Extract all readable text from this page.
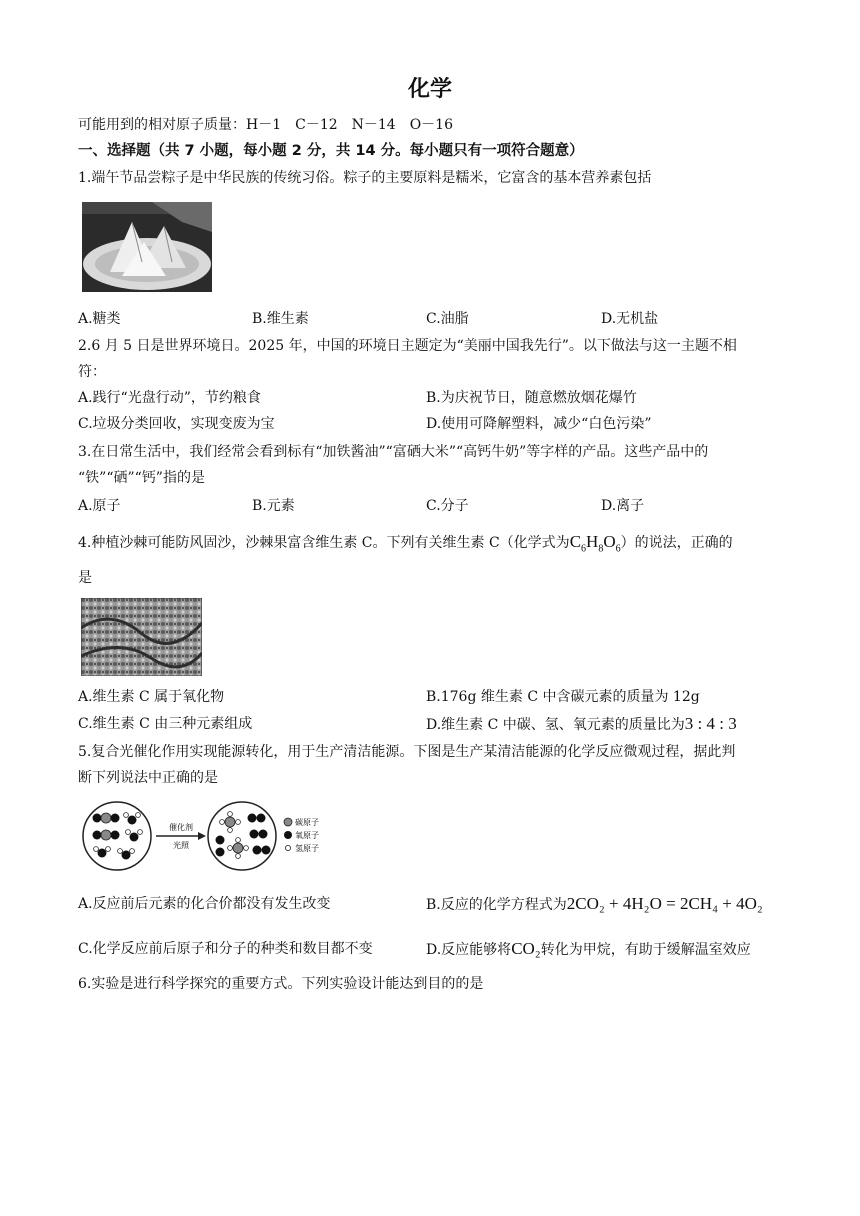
化学
可能用到的相对原子质量：H－1　C－12　N－14　O－16
一、选择题（共 7 小题，每小题 2 分，共 14 分。每小题只有一项符合题意）
1.端午节品尝粽子是中华民族的传统习俗。粽子的主要原料是糯米，它富含的基本营养素包括
A.糖类	B.维生素	C.油脂	D.无机盐
2.6 月 5 日是世界环境日。2025 年，中国的环境日主题定为“美丽中国我先行”。以下做法与这一主题不相
符：
A.践行“光盘行动”，节约粮食	B.为庆祝节日，随意燃放烟花爆竹
C.垃圾分类回收，实现变废为宝	D.使用可降解塑料，减少“白色污染”
3.在日常生活中，我们经常会看到标有“加铁酱油”“富硒大米”“高钙牛奶”等字样的产品。这些产品中的
“铁”“硒”“钙”指的是
A.原子	B.元素	C.分子	D.离子
4.种植沙棘可能防风固沙，沙棘果富含维生素 C。下列有关维生素 C（化学式为$C_6H_8O_6$）的说法，正确的
是
A.维生素 C 属于氧化物	B.176g 维生素 C 中含碳元素的质量为 12g
C.维生素 C 由三种元素组成	D.维生素 C 中碳、氢、氧元素的质量比为3 : 4 : 3
5.复合光催化作用实现能源转化，用于生产清洁能源。下图是生产某清洁能源的化学反应微观过程，据此判
断下列说法中正确的是
催化剂
光照
碳原子
氧原子
氢原子
A.反应前后元素的化合价都没有发生改变	B.反应的化学方程式为2CO₂ + 4H₂O = 2CH₄ + 4O₂
C.化学反应前后原子和分子的种类和数目都不变	D.反应能够将CO₂转化为甲烷，有助于缓解温室效应
6.实验是进行科学探究的重要方式。下列实验设计能达到目的的是
